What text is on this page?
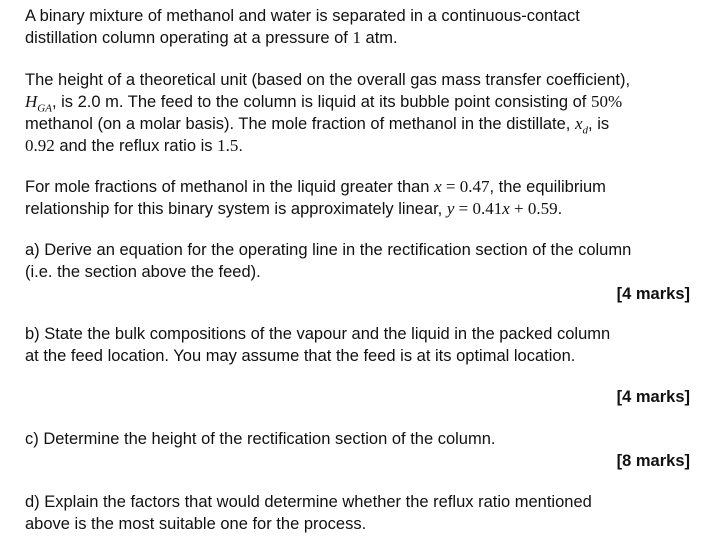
A binary mixture of methanol and water is separated in a continuous-contact

distillation column operating at a pressure of 1 atm.

The height of a theoretical unit (based on the overall gas mass transfer coefficient),

$H_{GA}$, is 2.0 m. The feed to the column is liquid at its bubble point consisting of 50%

methanol (on a molar basis). The mole fraction of methanol in the distillate, $x_d$, is

0.92 and the reflux ratio is 1.5.

For mole fractions of methanol in the liquid greater than x = 0.47, the equilibrium

relationship for this binary system is approximately linear, y = 0.41x + 0.59.

a) Derive an equation for the operating line in the rectification section of the column

(i.e. the section above the feed).

[4 marks]

b) State the bulk compositions of the vapour and the liquid in the packed column

at the feed location. You may assume that the feed is at its optimal location.

[4 marks]

c) Determine the height of the rectification section of the column.

[8 marks]

d) Explain the factors that would determine whether the reflux ratio mentioned

above is the most suitable one for the process.
